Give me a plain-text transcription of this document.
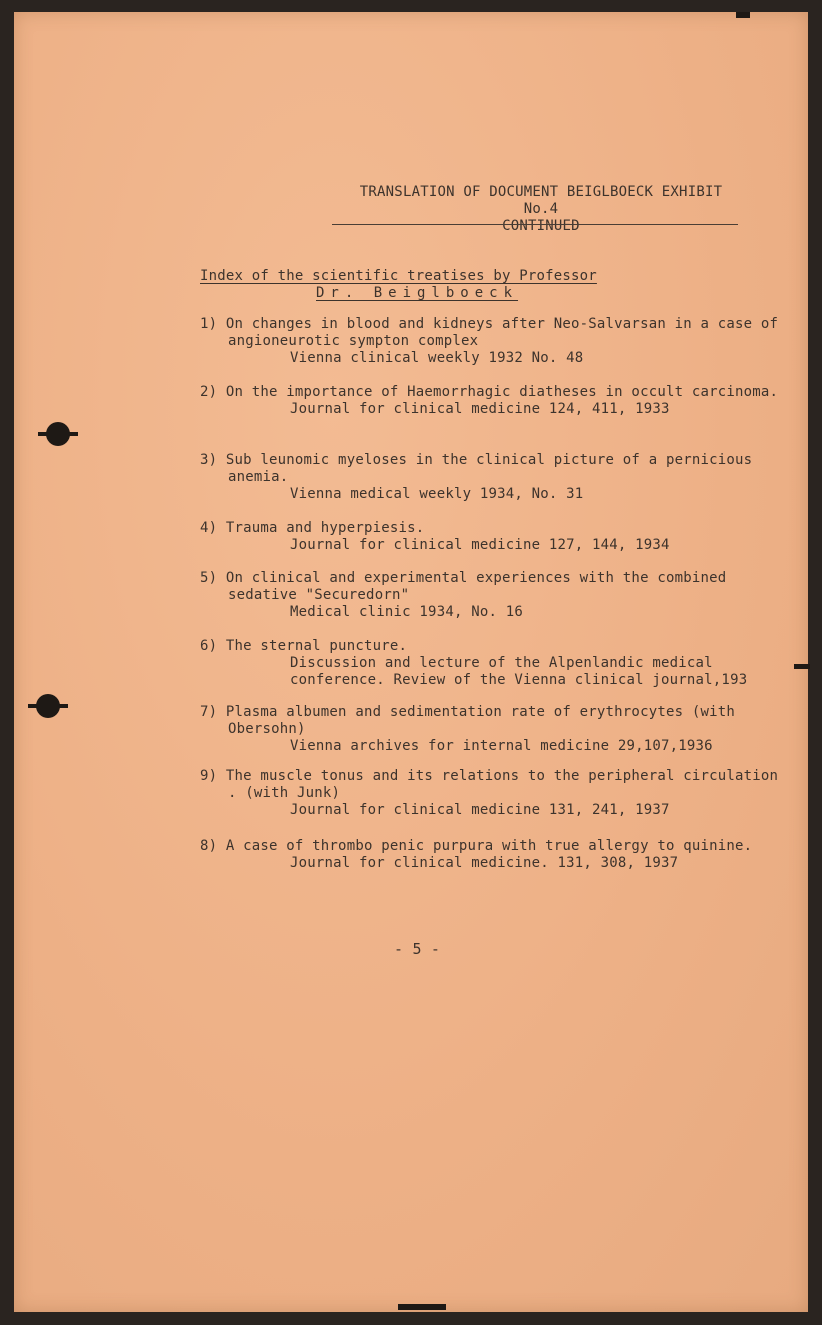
TRANSLATION OF DOCUMENT BEIGLBOECK EXHIBIT No.4
CONTINUED
Index of the scientific treatises by Professor
Dr. Beiglboeck
1) On changes in blood and kidneys after Neo-Salvarsan in a case of angioneurotic sympton complex
Vienna clinical weekly 1932 No. 48
2) On the importance of Haemorrhagic diatheses in occult carcinoma.
Journal for clinical medicine 124, 411, 1933
3) Sub leunomic myeloses in the clinical picture of a pernicious anemia.
Vienna medical weekly 1934, No. 31
4) Trauma and hyperpiesis.
Journal for clinical medicine 127, 144, 1934
5) On clinical and experimental experiences with the combined sedative "Securedorn"
Medical clinic 1934, No. 16
6) The sternal puncture.
Discussion and lecture of the Alpenlandic medical conference. Review of the Vienna clinical journal,193
7) Plasma albumen and sedimentation rate of erythrocytes (with Obersohn)
Vienna archives for internal medicine 29,107,1936
9) The muscle tonus and its relations to the peripheral circulation . (with Junk)
Journal for clinical medicine 131, 241, 1937
8) A case of thrombo penic purpura with true allergy to quinine.
Journal for clinical medicine. 131, 308, 1937
- 5 -
